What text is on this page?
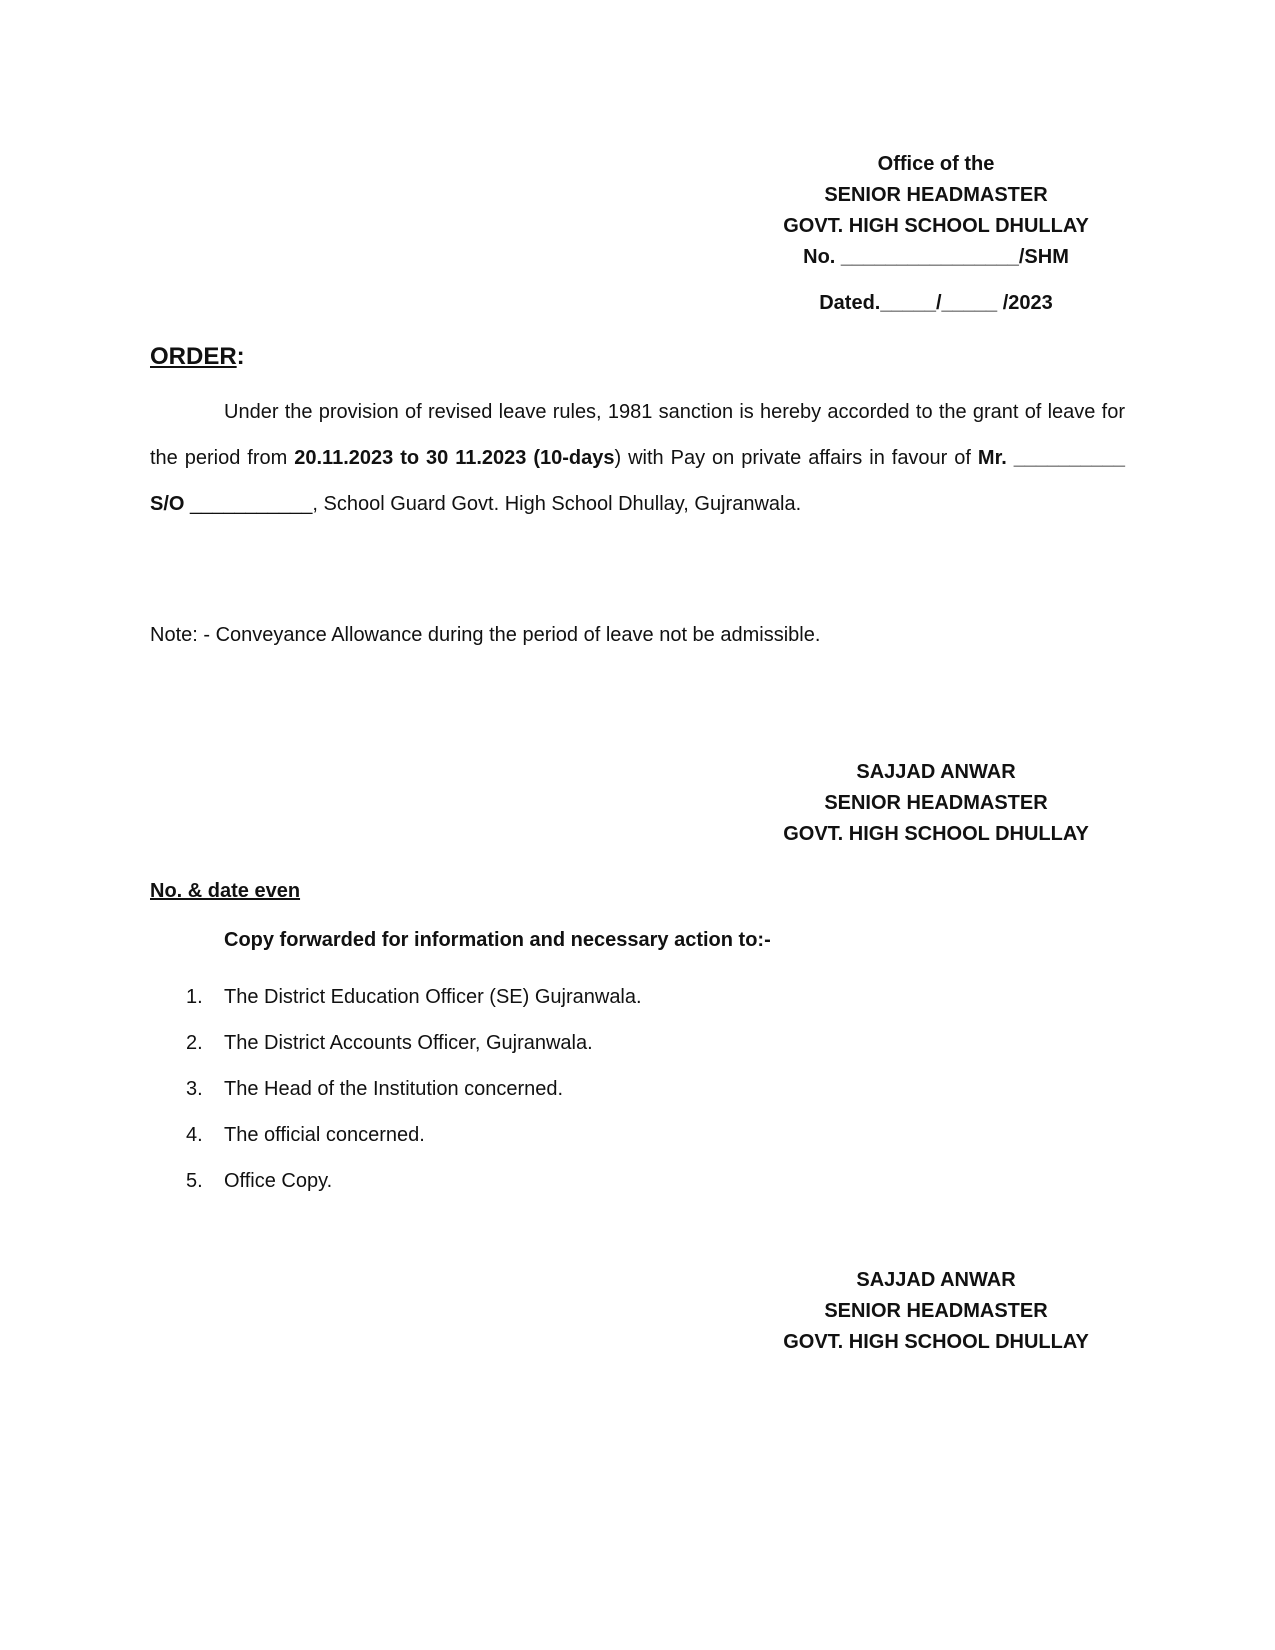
Office of the
SENIOR HEADMASTER
GOVT. HIGH SCHOOL DHULLAY
No. ________________/SHM
Dated._____/_____ /2023
ORDER:
Under the provision of revised leave rules, 1981 sanction is hereby accorded to the grant of leave for the period from 20.11.2023 to 30 11.2023 (10-days) with Pay on private affairs in favour of Mr. __________ S/O ___________, School Guard Govt. High School Dhullay, Gujranwala.
Note: - Conveyance Allowance during the period of leave not be admissible.
SAJJAD ANWAR
SENIOR HEADMASTER
GOVT. HIGH SCHOOL DHULLAY
No. & date even
Copy forwarded for information and necessary action to:-
1.	The District Education Officer (SE) Gujranwala.
2.	The District Accounts Officer, Gujranwala.
3.	The Head of the Institution concerned.
4.	The official concerned.
5.	Office Copy.
SAJJAD ANWAR
SENIOR HEADMASTER
GOVT. HIGH SCHOOL DHULLAY
